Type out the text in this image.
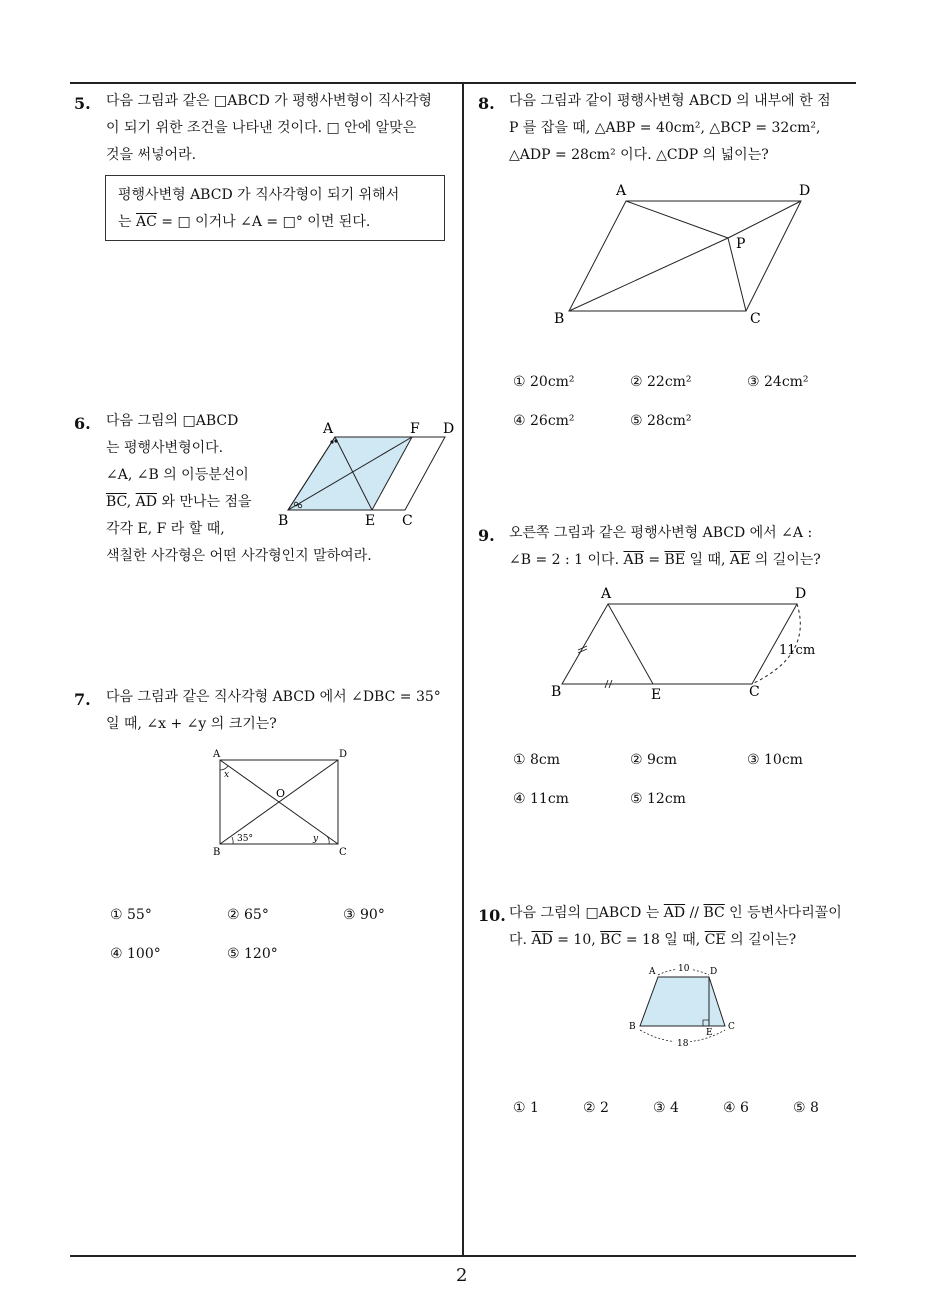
2
5. 다음 그림과 같은 □ABCD 가 평행사변형이 직사각형
이 되기 위한 조건을 나타낸 것이다. □ 안에 알맞은
것을 써넣어라.
평행사변형 ABCD 가 직사각형이 되기 위해서
는 $\overline{AC}$ = □ 이거나 ∠A = □° 이면 된다.
6. 다음 그림의 □ABCD
는 평행사변형이다.
∠A, ∠B 의 이등분선이
$\overline{BC}$, $\overline{AD}$ 와 만나는 점을
각각 E, F 라 할 때,
색칠한 사각형은 어떤 사각형인지 말하여라.
A	F D
B	E C
7. 다음 그림과 같은 직사각형 ABCD 에서 ∠DBC = 35°
일 때, ∠x + ∠y 의 크기는?
A	D
B	C
O
x
y
35°
① 55°	② 65°	③ 90°
④ 100°	⑤ 120°
8. 다음 그림과 같이 평행사변형 ABCD 의 내부에 한 점
P 를 잡을 때, △ABP = 40cm², △BCP = 32cm²,
△ADP = 28cm² 이다. △CDP 의 넓이는?
A	D
P
B	C
① 20cm²	② 22cm²	③ 24cm²
④ 26cm²	⑤ 28cm²
9. 오른쪽 그림과 같은 평행사변형 ABCD 에서 ∠A :
∠B = 2 : 1 이다. $\overline{AB} = \overline{BE}$ 일 때, $\overline{AE}$ 의 길이는?
A	D
B	E	C
11cm
① 8cm	② 9cm	③ 10cm
④ 11cm	⑤ 12cm
10. 다음 그림의 □ABCD 는 $\overline{AD} // \overline{BC}$ 인 등변사다리꼴이
다. $\overline{AD} = 10$, $\overline{BC} = 18$ 일 때, $\overline{CE}$ 의 길이는?
A	D
B
E
C
10
18
① 1	② 2	③ 4	④ 6	⑤ 8
